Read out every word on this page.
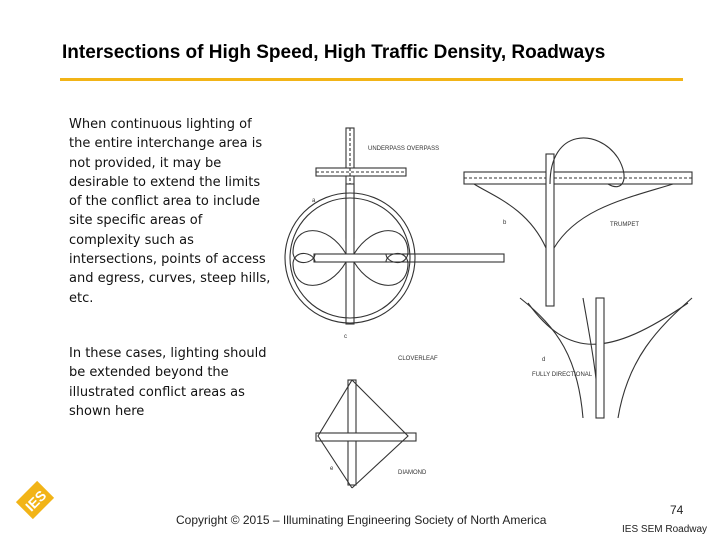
Intersections of High Speed, High Traffic Density, Roadways
When continuous lighting of the entire interchange area is not provided, it may be desirable to extend the limits of the conflict area to include site specific areas of complexity such as intersections, points of access and egress, curves, steep hills, etc.
In these cases, lighting should be extended beyond the illustrated conflict areas as shown here
UNDERPASS OVERPASS
a
b	TRUMPET
c
CLOVERLEAF	d
FULLY DIRECTIONAL
e
DIAMOND
IES
Copyright © 2015 – Illuminating Engineering Society of North America
74
IES SEM Roadway
